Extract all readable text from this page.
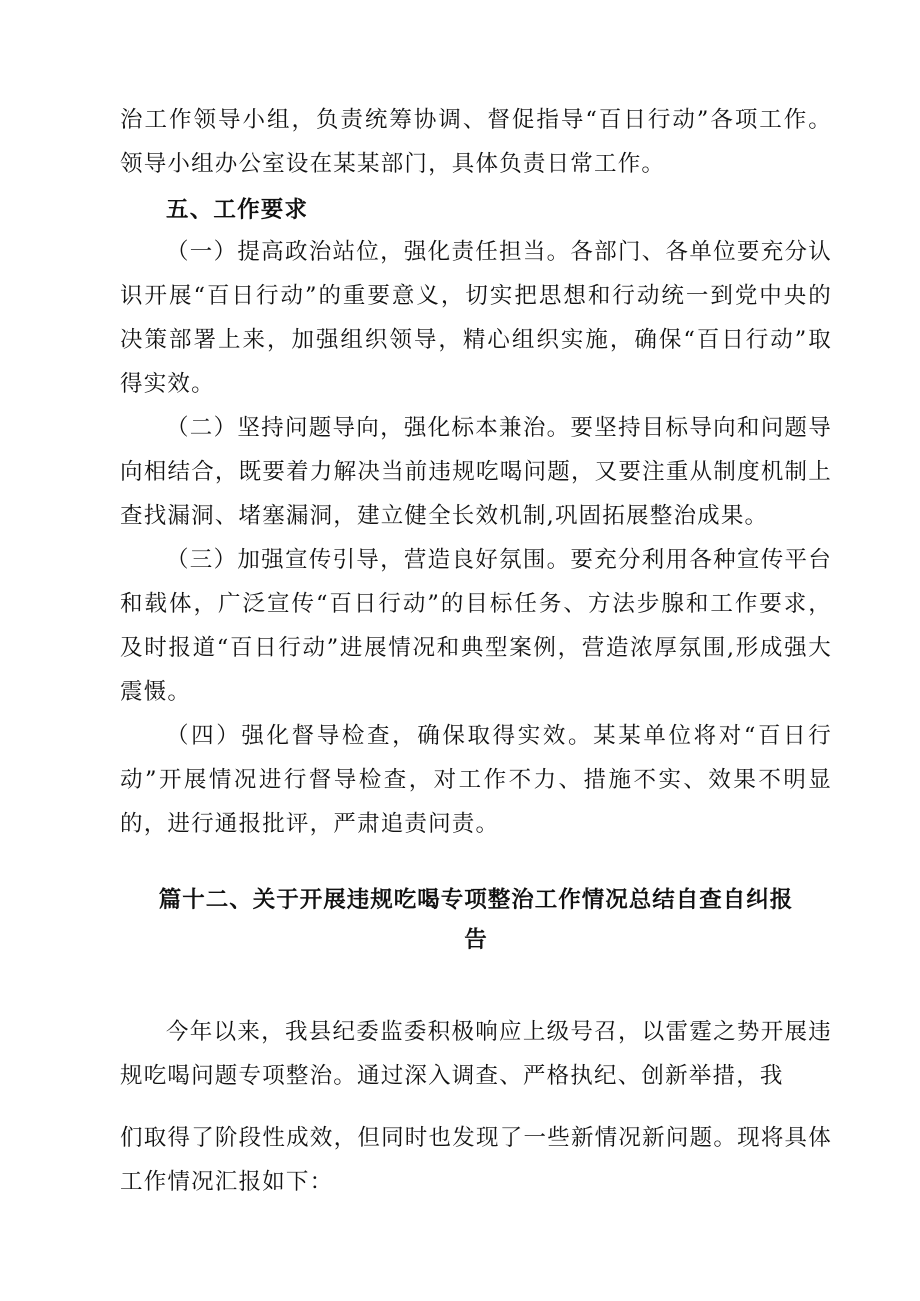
治工作领导小组，负责统筹协调、督促指导“百日行动”各项工作。领导小组办公室设在某某部门，具体负责日常工作。

五、工作要求

（一）提高政治站位，强化责任担当。各部门、各单位要充分认识开展“百日行动”的重要意义，切实把思想和行动统一到党中央的决策部署上来，加强组织领导，精心组织实施，确保“百日行动”取得实效。

（二）坚持问题导向，强化标本兼治。要坚持目标导向和问题导向相结合，既要着力解决当前违规吃喝问题，又要注重从制度机制上查找漏洞、堵塞漏洞，建立健全长效机制,巩固拓展整治成果。

（三）加强宣传引导，营造良好氛围。要充分利用各种宣传平台和载体，广泛宣传“百日行动”的目标任务、方法步腺和工作要求，及时报道“百日行动”进展情况和典型案例，营造浓厚氛围,形成强大震慑。

（四）强化督导检查，确保取得实效。某某单位将对“百日行动”开展情况进行督导检查，对工作不力、措施不实、效果不明显的，进行通报批评，严肃追责问责。

篇十二、关于开展违规吃喝专项整治工作情况总结自查自纠报
告

今年以来，我县纪委监委积极响应上级号召，以雷霆之势开展违规吃喝问题专项整治。通过深入调查、严格执纪、创新举措，我

们取得了阶段性成效，但同时也发现了一些新情况新问题。现将具体工作情况汇报如下：
